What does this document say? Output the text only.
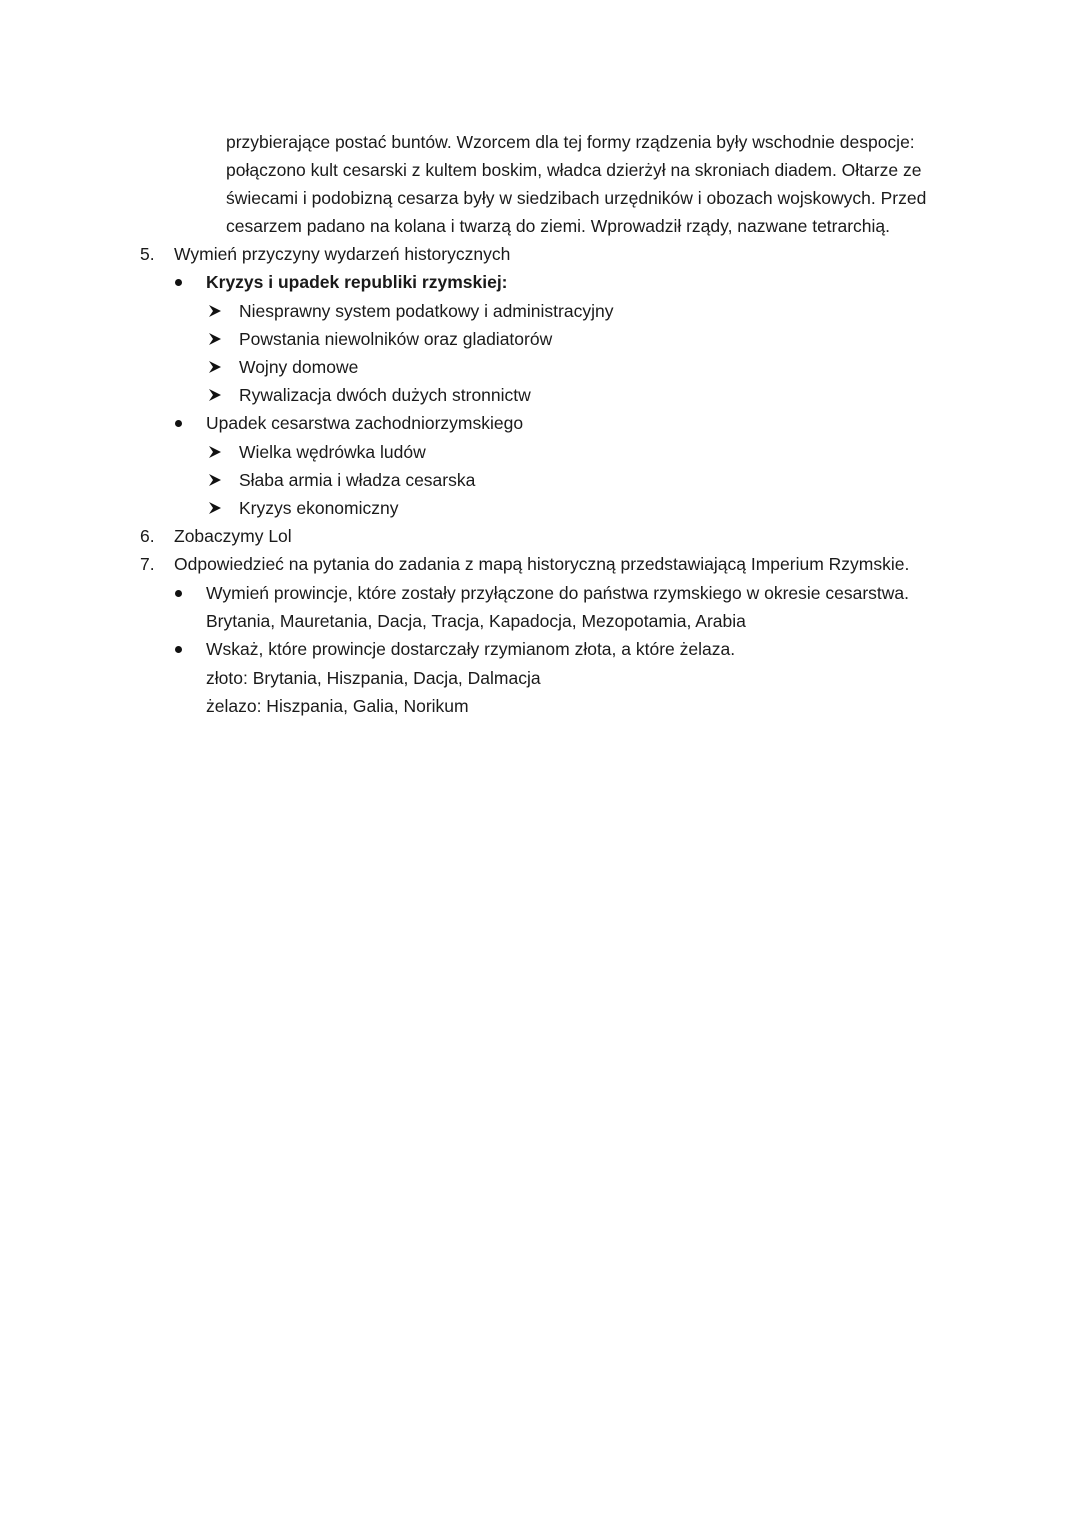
przybierające postać buntów. Wzorcem dla tej formy rządzenia były wschodnie despocje:
połączono kult cesarski z kultem boskim, władca dzierżył na skroniach diadem. Ołtarze ze
świecami i podobizną cesarza były w siedzibach urzędników i obozach wojskowych. Przed
cesarzem padano na kolana i twarzą do ziemi. Wprowadził rządy, nazwane tetrarchią.
5. Wymień przyczyny wydarzeń historycznych
Kryzys i upadek republiki rzymskiej:
Niesprawny system podatkowy i administracyjny
Powstania niewolników oraz gladiatorów
Wojny domowe
Rywalizacja dwóch dużych stronnictw
Upadek cesarstwa zachodniorzymskiego
Wielka wędrówka ludów
Słaba armia i władza cesarska
Kryzys ekonomiczny
6. Zobaczymy Lol
7. Odpowiedzieć na pytania do zadania z mapą historyczną przedstawiającą Imperium Rzymskie.
Wymień prowincje, które zostały przyłączone do państwa rzymskiego w okresie cesarstwa.
Brytania, Mauretania, Dacja, Tracja, Kapadocja, Mezopotamia, Arabia
Wskaż, które prowincje dostarczały rzymianom złota, a które żelaza.
złoto: Brytania, Hiszpania, Dacja, Dalmacja
żelazo: Hiszpania, Galia, Norikum
